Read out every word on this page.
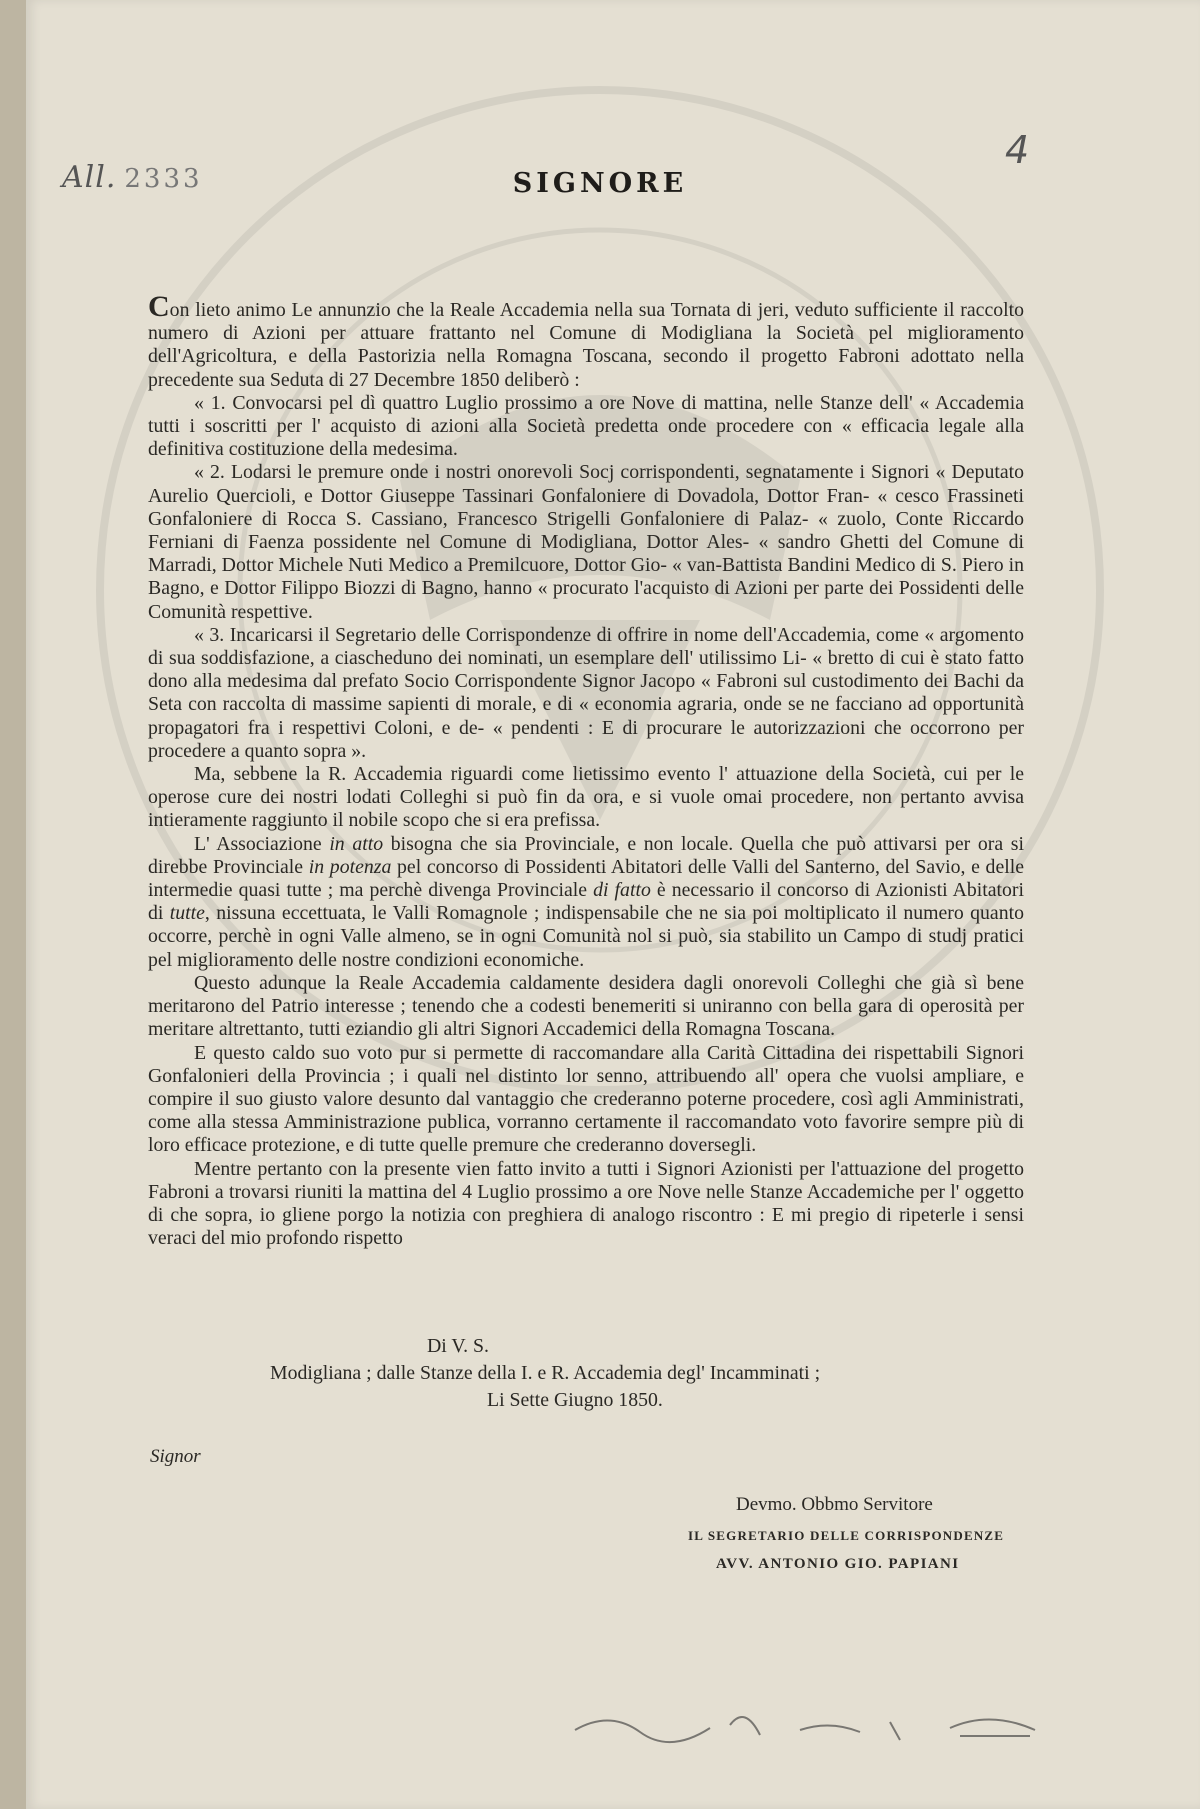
All. 2333
4
SIGNORE

Con lieto animo Le annunzio che la Reale Accademia nella sua Tornata di jeri, veduto sufficiente il raccolto numero di Azioni per attuare frattanto nel Comune di Modigliana la Società pel miglioramento dell'Agricoltura, e della Pastorizia nella Romagna Toscana, secondo il progetto Fabroni adottato nella precedente sua Seduta di 27 Decembre 1850 deliberò :

« 1. Convocarsi pel dì quattro Luglio prossimo a ore Nove di mattina, nelle Stanze dell' « Accademia tutti i soscritti per l' acquisto di azioni alla Società predetta onde procedere con « efficacia legale alla definitiva costituzione della medesima.

« 2. Lodarsi le premure onde i nostri onorevoli Socj corrispondenti, segnatamente i Signori « Deputato Aurelio Quercioli, e Dottor Giuseppe Tassinari Gonfaloniere di Dovadola, Dottor Fran- « cesco Frassineti Gonfaloniere di Rocca S. Cassiano, Francesco Strigelli Gonfaloniere di Palaz- « zuolo, Conte Riccardo Ferniani di Faenza possidente nel Comune di Modigliana, Dottor Ales- « sandro Ghetti del Comune di Marradi, Dottor Michele Nuti Medico a Premilcuore, Dottor Gio- « van-Battista Bandini Medico di S. Piero in Bagno, e Dottor Filippo Biozzi di Bagno, hanno « procurato l'acquisto di Azioni per parte dei Possidenti delle Comunità respettive.

« 3. Incaricarsi il Segretario delle Corrispondenze di offrire in nome dell'Accademia, come « argomento di sua soddisfazione, a ciascheduno dei nominati, un esemplare dell' utilissimo Li- « bretto di cui è stato fatto dono alla medesima dal prefato Socio Corrispondente Signor Jacopo « Fabroni sul custodimento dei Bachi da Seta con raccolta di massime sapienti di morale, e di « economia agraria, onde se ne facciano ad opportunità propagatori fra i respettivi Coloni, e de- « pendenti : E di procurare le autorizzazioni che occorrono per procedere a quanto sopra ».

Ma, sebbene la R. Accademia riguardi come lietissimo evento l' attuazione della Società, cui per le operose cure dei nostri lodati Colleghi si può fin da ora, e si vuole omai procedere, non pertanto avvisa intieramente raggiunto il nobile scopo che si era prefissa.

L' Associazione in atto bisogna che sia Provinciale, e non locale. Quella che può attivarsi per ora si direbbe Provinciale in potenza pel concorso di Possidenti Abitatori delle Valli del Santerno, del Savio, e delle intermedie quasi tutte ; ma perchè divenga Provinciale di fatto è necessario il concorso di Azionisti Abitatori di tutte, nissuna eccettuata, le Valli Romagnole ; indispensabile che ne sia poi moltiplicato il numero quanto occorre, perchè in ogni Valle almeno, se in ogni Comunità nol si può, sia stabilito un Campo di studj pratici pel miglioramento delle nostre condizioni economiche.

Questo adunque la Reale Accademia caldamente desidera dagli onorevoli Colleghi che già sì bene meritarono del Patrio interesse ; tenendo che a codesti benemeriti si uniranno con bella gara di operosità per meritare altrettanto, tutti eziandio gli altri Signori Accademici della Romagna Toscana.

E questo caldo suo voto pur si permette di raccomandare alla Carità Cittadina dei rispettabili Signori Gonfalonieri della Provincia ; i quali nel distinto lor senno, attribuendo all' opera che vuolsi ampliare, e compire il suo giusto valore desunto dal vantaggio che crederanno poterne procedere, così agli Amministrati, come alla stessa Amministrazione publica, vorranno certamente il raccomandato voto favorire sempre più di loro efficace protezione, e di tutte quelle premure che crederanno doversegli.

Mentre pertanto con la presente vien fatto invito a tutti i Signori Azionisti per l'attuazione del progetto Fabroni a trovarsi riuniti la mattina del 4 Luglio prossimo a ore Nove nelle Stanze Accademiche per l' oggetto di che sopra, io gliene porgo la notizia con preghiera di analogo riscontro : E mi pregio di ripeterle i sensi veraci del mio profondo rispetto

Di V. S.
Modigliana ; dalle Stanze della I. e R. Accademia degl' Incamminati ;
Li Sette Giugno 1850.
Signor
Devmo. Obbmo Servitore
IL SEGRETARIO DELLE CORRISPONDENZE
AVV. ANTONIO GIO. PAPIANI
